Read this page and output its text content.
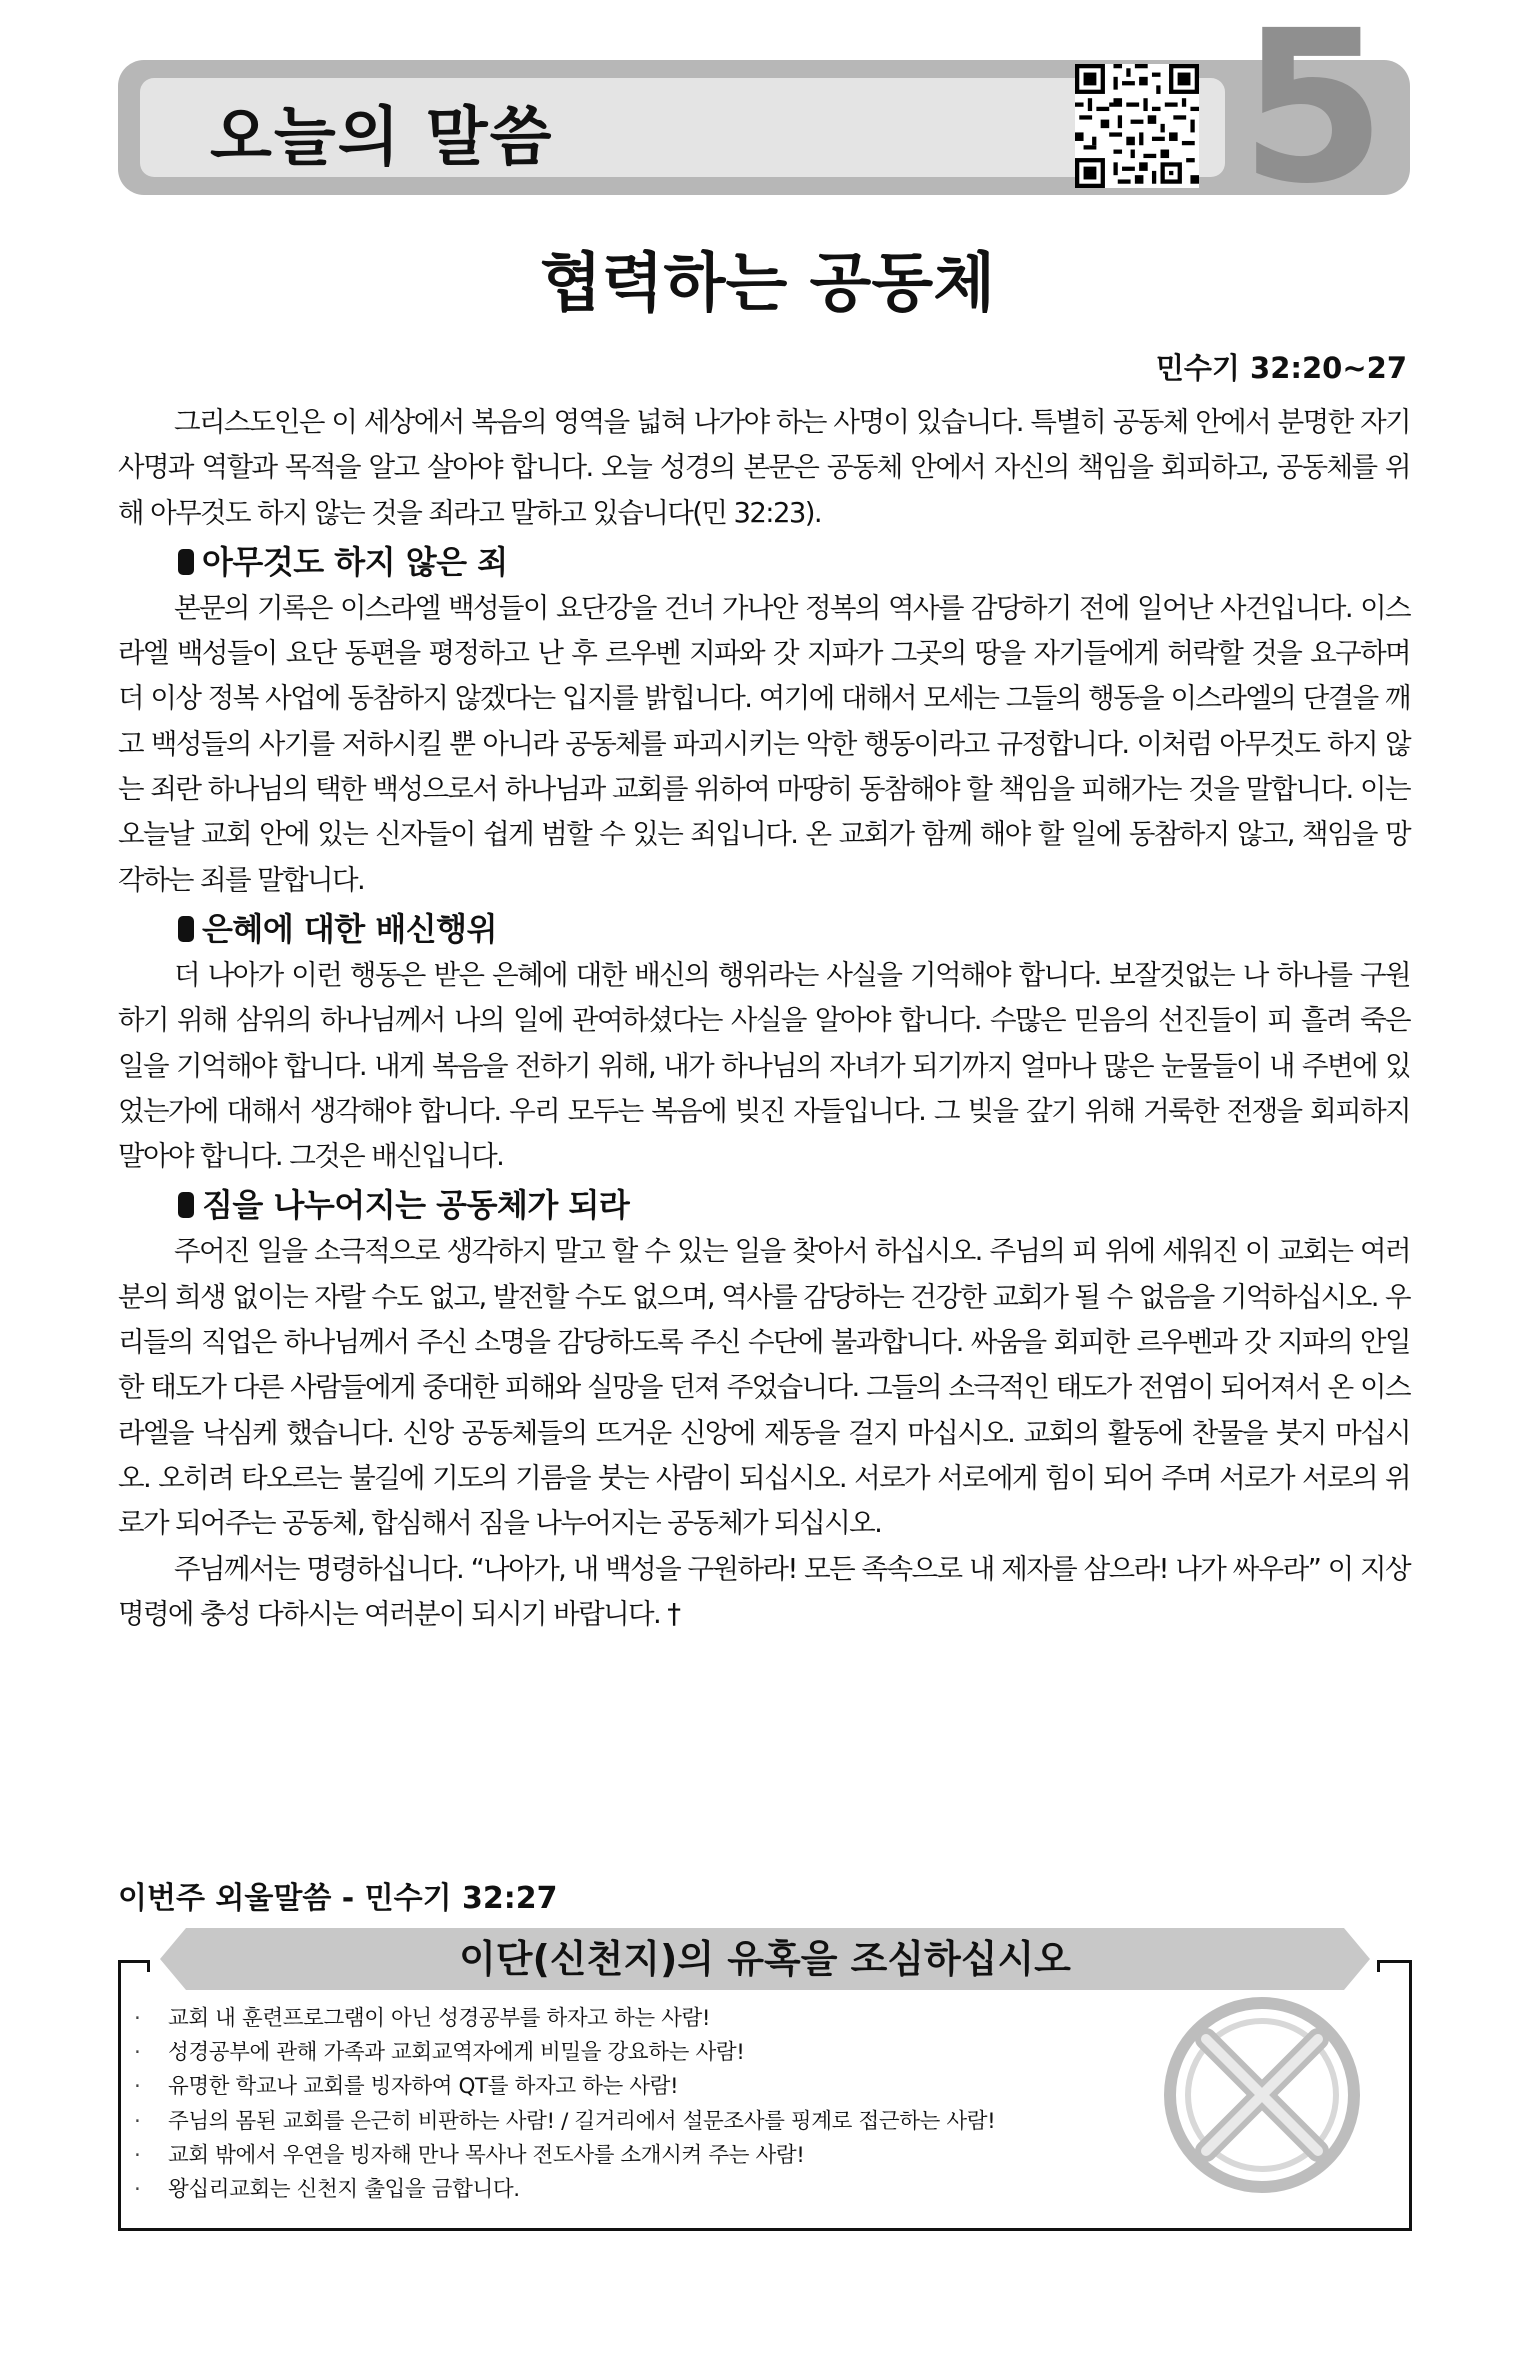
오늘의 말씀	5
협력하는 공동체
민수기 32:20~27

그리스도인은 이 세상에서 복음의 영역을 넓혀 나가야 하는 사명이 있습니다. 특별히 공동체 안에서 분명한 자기 사명과 역할과 목적을 알고 살아야 합니다. 오늘 성경의 본문은 공동체 안에서 자신의 책임을 회피하고, 공동체를 위해 아무것도 하지 않는 것을 죄라고 말하고 있습니다(민 32:23).

아무것도 하지 않은 죄

본문의 기록은 이스라엘 백성들이 요단강을 건너 가나안 정복의 역사를 감당하기 전에 일어난 사건입니다. 이스라엘 백성들이 요단 동편을 평정하고 난 후 르우벤 지파와 갓 지파가 그곳의 땅을 자기들에게 허락할 것을 요구하며 더 이상 정복 사업에 동참하지 않겠다는 입지를 밝힙니다. 여기에 대해서 모세는 그들의 행동을 이스라엘의 단결을 깨고 백성들의 사기를 저하시킬 뿐 아니라 공동체를 파괴시키는 악한 행동이라고 규정합니다. 이처럼 아무것도 하지 않는 죄란 하나님의 택한 백성으로서 하나님과 교회를 위하여 마땅히 동참해야 할 책임을 피해가는 것을 말합니다. 이는 오늘날 교회 안에 있는 신자들이 쉽게 범할 수 있는 죄입니다. 온 교회가 함께 해야 할 일에 동참하지 않고, 책임을 망각하는 죄를 말합니다.

은혜에 대한 배신행위

더 나아가 이런 행동은 받은 은혜에 대한 배신의 행위라는 사실을 기억해야 합니다. 보잘것없는 나 하나를 구원하기 위해 삼위의 하나님께서 나의 일에 관여하셨다는 사실을 알아야 합니다. 수많은 믿음의 선진들이 피 흘려 죽은 일을 기억해야 합니다. 내게 복음을 전하기 위해, 내가 하나님의 자녀가 되기까지 얼마나 많은 눈물들이 내 주변에 있었는가에 대해서 생각해야 합니다. 우리 모두는 복음에 빚진 자들입니다. 그 빚을 갚기 위해 거룩한 전쟁을 회피하지 말아야 합니다. 그것은 배신입니다.

짐을 나누어지는 공동체가 되라

주어진 일을 소극적으로 생각하지 말고 할 수 있는 일을 찾아서 하십시오. 주님의 피 위에 세워진 이 교회는 여러분의 희생 없이는 자랄 수도 없고, 발전할 수도 없으며, 역사를 감당하는 건강한 교회가 될 수 없음을 기억하십시오. 우리들의 직업은 하나님께서 주신 소명을 감당하도록 주신 수단에 불과합니다. 싸움을 회피한 르우벤과 갓 지파의 안일한 태도가 다른 사람들에게 중대한 피해와 실망을 던져 주었습니다. 그들의 소극적인 태도가 전염이 되어져서 온 이스라엘을 낙심케 했습니다. 신앙 공동체들의 뜨거운 신앙에 제동을 걸지 마십시오. 교회의 활동에 찬물을 붓지 마십시오. 오히려 타오르는 불길에 기도의 기름을 붓는 사람이 되십시오. 서로가 서로에게 힘이 되어 주며 서로가 서로의 위로가 되어주는 공동체, 합심해서 짐을 나누어지는 공동체가 되십시오.

주님께서는 명령하십니다. “나아가, 내 백성을 구원하라! 모든 족속으로 내 제자를 삼으라! 나가 싸우라” 이 지상명령에 충성 다하시는 여러분이 되시기 바랍니다. †

이번주 외울말씀 - 민수기 32:27
이단(신천지)의 유혹을 조심하십시오
· 교회 내 훈련프로그램이 아닌 성경공부를 하자고 하는 사람!
· 성경공부에 관해 가족과 교회교역자에게 비밀을 강요하는 사람!
· 유명한 학교나 교회를 빙자하여 QT를 하자고 하는 사람!
· 주님의 몸된 교회를 은근히 비판하는 사람! / 길거리에서 설문조사를 핑계로 접근하는 사람!
· 교회 밖에서 우연을 빙자해 만나 목사나 전도사를 소개시켜 주는 사람!
· 왕십리교회는 신천지 출입을 금합니다.
